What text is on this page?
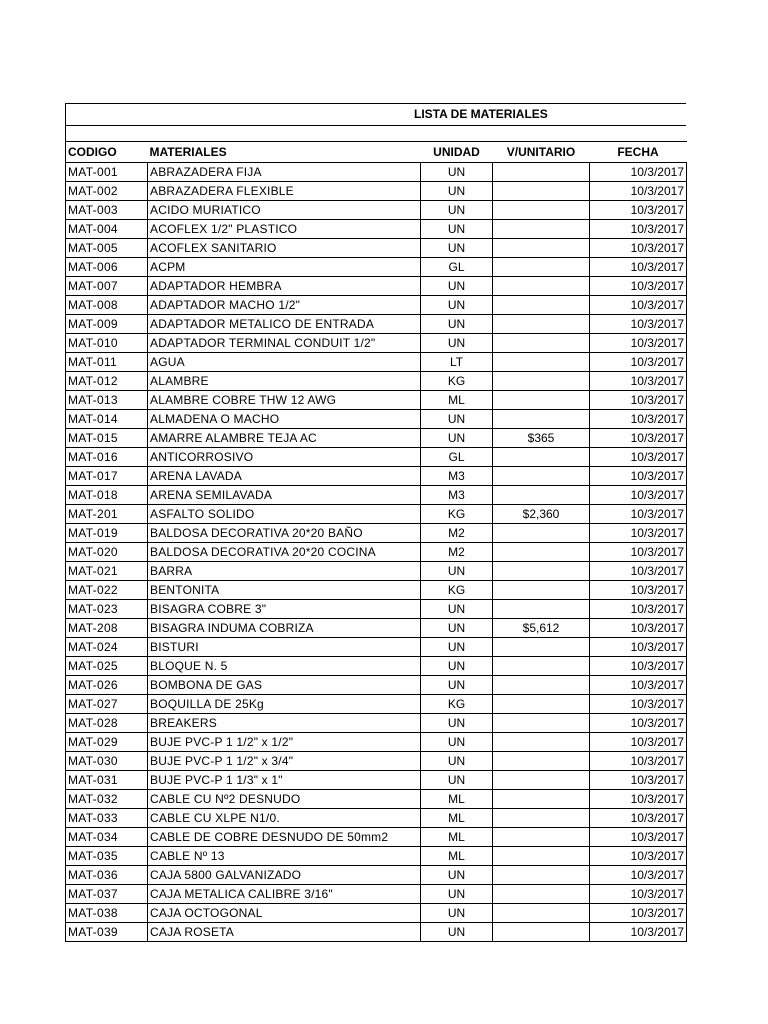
LISTA DE MATERIALES
CODIGO	MATERIALES	UNIDAD	V/UNITARIO	FECHA
MAT-001	ABRAZADERA FIJA	UN		10/3/2017
MAT-002	ABRAZADERA FLEXIBLE	UN		10/3/2017
MAT-003	ACIDO MURIATICO	UN		10/3/2017
MAT-004	ACOFLEX 1/2" PLASTICO	UN		10/3/2017
MAT-005	ACOFLEX SANITARIO	UN		10/3/2017
MAT-006	ACPM	GL		10/3/2017
MAT-007	ADAPTADOR HEMBRA	UN		10/3/2017
MAT-008	ADAPTADOR MACHO 1/2"	UN		10/3/2017
MAT-009	ADAPTADOR METALICO DE ENTRADA	UN		10/3/2017
MAT-010	ADAPTADOR TERMINAL CONDUIT 1/2"	UN		10/3/2017
MAT-011	AGUA	LT		10/3/2017
MAT-012	ALAMBRE	KG		10/3/2017
MAT-013	ALAMBRE COBRE THW 12 AWG	ML		10/3/2017
MAT-014	ALMADENA O MACHO	UN		10/3/2017
MAT-015	AMARRE ALAMBRE TEJA AC	UN	$365	10/3/2017
MAT-016	ANTICORROSIVO	GL		10/3/2017
MAT-017	ARENA LAVADA	M3		10/3/2017
MAT-018	ARENA SEMILAVADA	M3		10/3/2017
MAT-201	ASFALTO SOLIDO	KG	$2,360	10/3/2017
MAT-019	BALDOSA DECORATIVA 20*20 BAÑO	M2		10/3/2017
MAT-020	BALDOSA DECORATIVA 20*20 COCINA	M2		10/3/2017
MAT-021	BARRA	UN		10/3/2017
MAT-022	BENTONITA	KG		10/3/2017
MAT-023	BISAGRA COBRE 3"	UN		10/3/2017
MAT-208	BISAGRA INDUMA COBRIZA	UN	$5,612	10/3/2017
MAT-024	BISTURI	UN		10/3/2017
MAT-025	BLOQUE N. 5	UN		10/3/2017
MAT-026	BOMBONA DE GAS	UN		10/3/2017
MAT-027	BOQUILLA DE 25Kg	KG		10/3/2017
MAT-028	BREAKERS	UN		10/3/2017
MAT-029	BUJE PVC-P 1 1/2" x 1/2"	UN		10/3/2017
MAT-030	BUJE PVC-P 1 1/2" x 3/4"	UN		10/3/2017
MAT-031	BUJE PVC-P 1 1/3" x 1"	UN		10/3/2017
MAT-032	CABLE CU Nº2 DESNUDO	ML		10/3/2017
MAT-033	CABLE CU XLPE N1/0.	ML		10/3/2017
MAT-034	CABLE DE COBRE DESNUDO DE 50mm2	ML		10/3/2017
MAT-035	CABLE Nº 13	ML		10/3/2017
MAT-036	CAJA 5800 GALVANIZADO	UN		10/3/2017
MAT-037	CAJA METALICA CALIBRE 3/16"	UN		10/3/2017
MAT-038	CAJA OCTOGONAL	UN		10/3/2017
MAT-039	CAJA ROSETA	UN		10/3/2017
